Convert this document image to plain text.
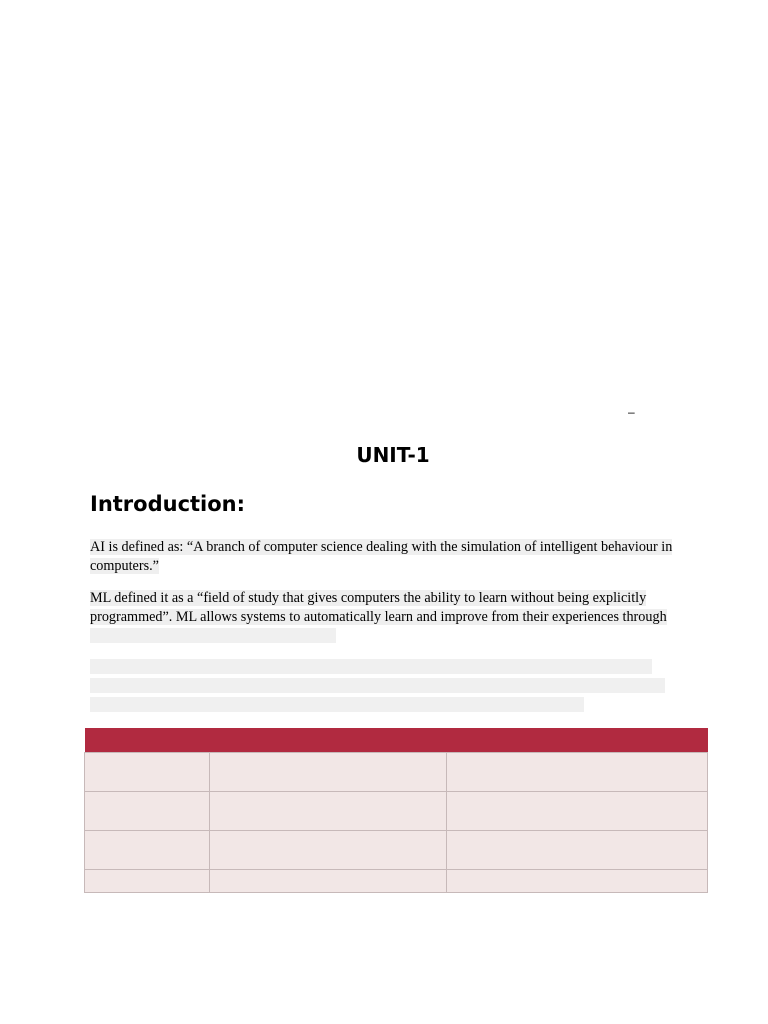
–
UNIT-1
Introduction:
AI is defined as: “A branch of computer science dealing with the simulation of intelligent behaviour in
computers.”
ML defined it as a “field of study that gives computers the ability to learn without being explicitly
programmed”. ML allows systems to automatically learn and improve from their experiences through
